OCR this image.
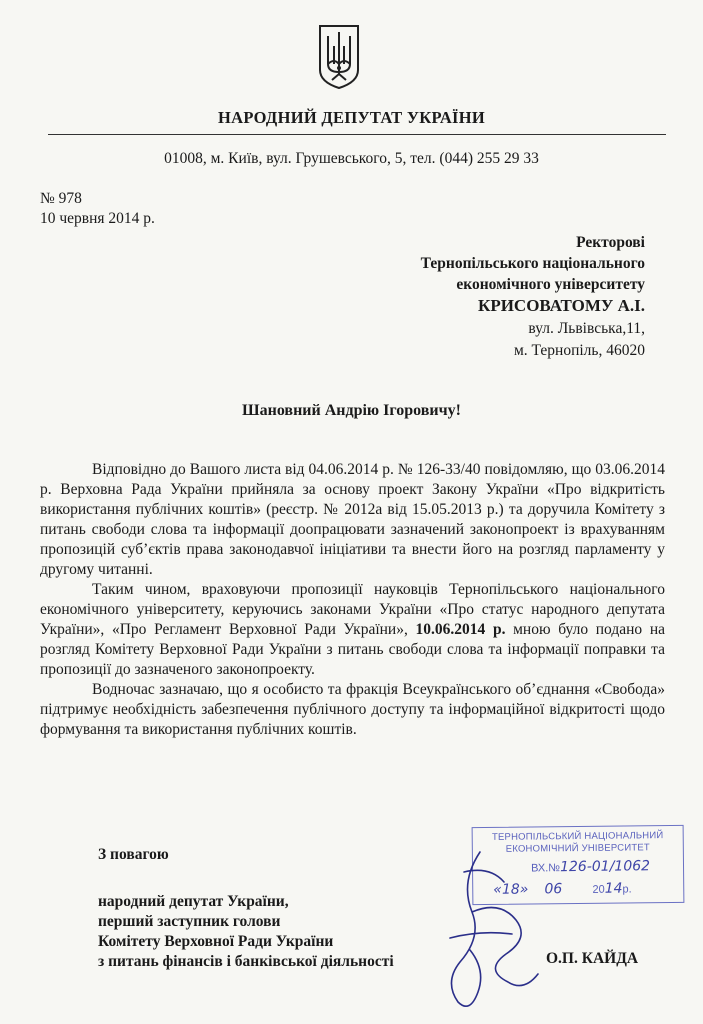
НАРОДНИЙ ДЕПУТАТ УКРАЇНИ
01008, м. Київ, вул. Грушевського, 5, тел. (044) 255 29 33
№ 978
10 червня 2014 р.
Ректорові
Тернопільського національного
економічного університету
КРИСОВАТОМУ А.І.
вул. Львівська,11,
м. Тернопіль, 46020
Шановний Андрію Ігоровичу!

Відповідно до Вашого листа від 04.06.2014 р. № 126-33/40 повідомляю, що 03.06.2014 р. Верховна Рада України прийняла за основу проект Закону України «Про відкритість використання публічних коштів» (реєстр. № 2012а від 15.05.2013 р.) та доручила Комітету з питань свободи слова та інформації доопрацювати зазначений законопроект із врахуванням пропозицій суб’єктів права законодавчої ініціативи та внести його на розгляд парламенту у другому читанні.

Таким чином, враховуючи пропозиції науковців Тернопільського національного економічного університету, керуючись законами України «Про статус народного депутата України», «Про Регламент Верховної Ради України», 10.06.2014 р. мною було подано на розгляд Комітету Верховної Ради України з питань свободи слова та інформації поправки та пропозиції до зазначеного законопроекту.

Водночас зазначаю, що я особисто та фракція Всеукраїнського об’єднання «Свобода» підтримує необхідність забезпечення публічного доступу та інформаційної відкритості щодо формування та використання публічних коштів.

З повагою
народний депутат України,
перший заступник голови
Комітету Верховної Ради України
з питань фінансів і банківської діяльності	О.П. КАЙДА
ТЕРНОПІЛЬСЬКИЙ НАЦІОНАЛЬНИЙ
ЕКОНОМІЧНИЙ УНІВЕРСИТЕТ
ВХ.№126-01/1062
«18» 06	2014р.
